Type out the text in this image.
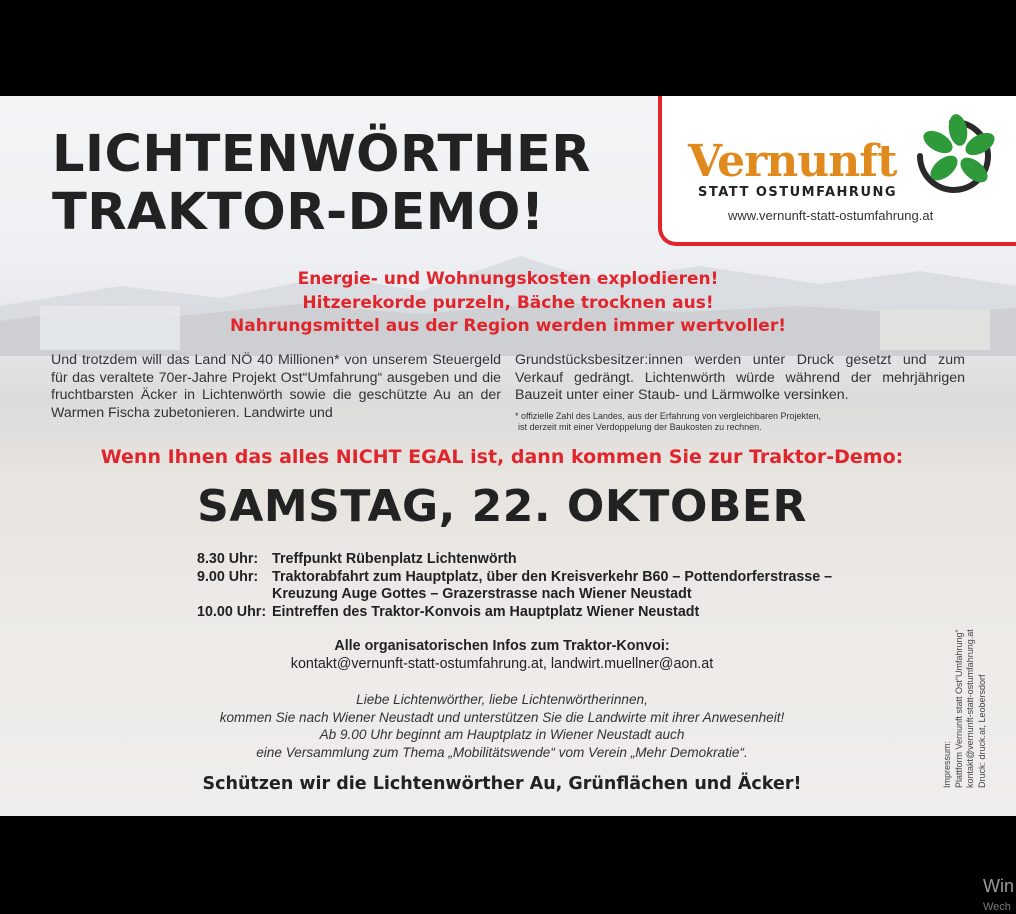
LICHTENWÖRTHER
TRAKTOR-DEMO!
Vernunft
STATT OSTUMFAHRUNG
www.vernunft-statt-ostumfahrung.at
Energie- und Wohnungskosten explodieren!
Hitzerekorde purzeln, Bäche trocknen aus!
Nahrungsmittel aus der Region werden immer wertvoller!
Und trotzdem will das Land NÖ 40 Millionen* von unserem Steuergeld für das veraltete 70er-Jahre Projekt Ost“Umfahrung“ ausgeben und die fruchtbarsten Äcker in Lichtenwörth sowie die geschützte Au an der Warmen Fischa zubetonieren. Landwirte und
Grundstücksbesitzer:innen werden unter Druck gesetzt und zum Verkauf gedrängt. Lichtenwörth würde während der mehrjährigen Bauzeit unter einer Staub- und Lärmwolke versinken.
* offizielle Zahl des Landes, aus der Erfahrung von vergleichbaren Projekten,
ist derzeit mit einer Verdoppelung der Baukosten zu rechnen.
Wenn Ihnen das alles NICHT EGAL ist, dann kommen Sie zur Traktor-Demo:
SAMSTAG, 22. OKTOBER
8.30 Uhr: Treffpunkt Rübenplatz Lichtenwörth
9.00 Uhr: Traktorabfahrt zum Hauptplatz, über den Kreisverkehr B60 – Pottendorferstrasse – Kreuzung Auge Gottes – Grazerstrasse nach Wiener Neustadt
10.00 Uhr: Eintreffen des Traktor-Konvois am Hauptplatz Wiener Neustadt
Alle organisatorischen Infos zum Traktor-Konvoi:
kontakt@vernunft-statt-ostumfahrung.at, landwirt.muellner@aon.at
Liebe Lichtenwörther, liebe Lichtenwörtherinnen,
kommen Sie nach Wiener Neustadt und unterstützen Sie die Landwirte mit ihrer Anwesenheit!
Ab 9.00 Uhr beginnt am Hauptplatz in Wiener Neustadt auch
eine Versammlung zum Thema „Mobilitätswende“ vom Verein „Mehr Demokratie“.
Schützen wir die Lichtenwörther Au, Grünflächen und Äcker!	Impressum: Plattform Vernunft statt Ost“Umfahrung“ kontakt@vernunft-statt-ostumfahrung.at Druck: druck.at, Leobersdorf
Win
Wech
